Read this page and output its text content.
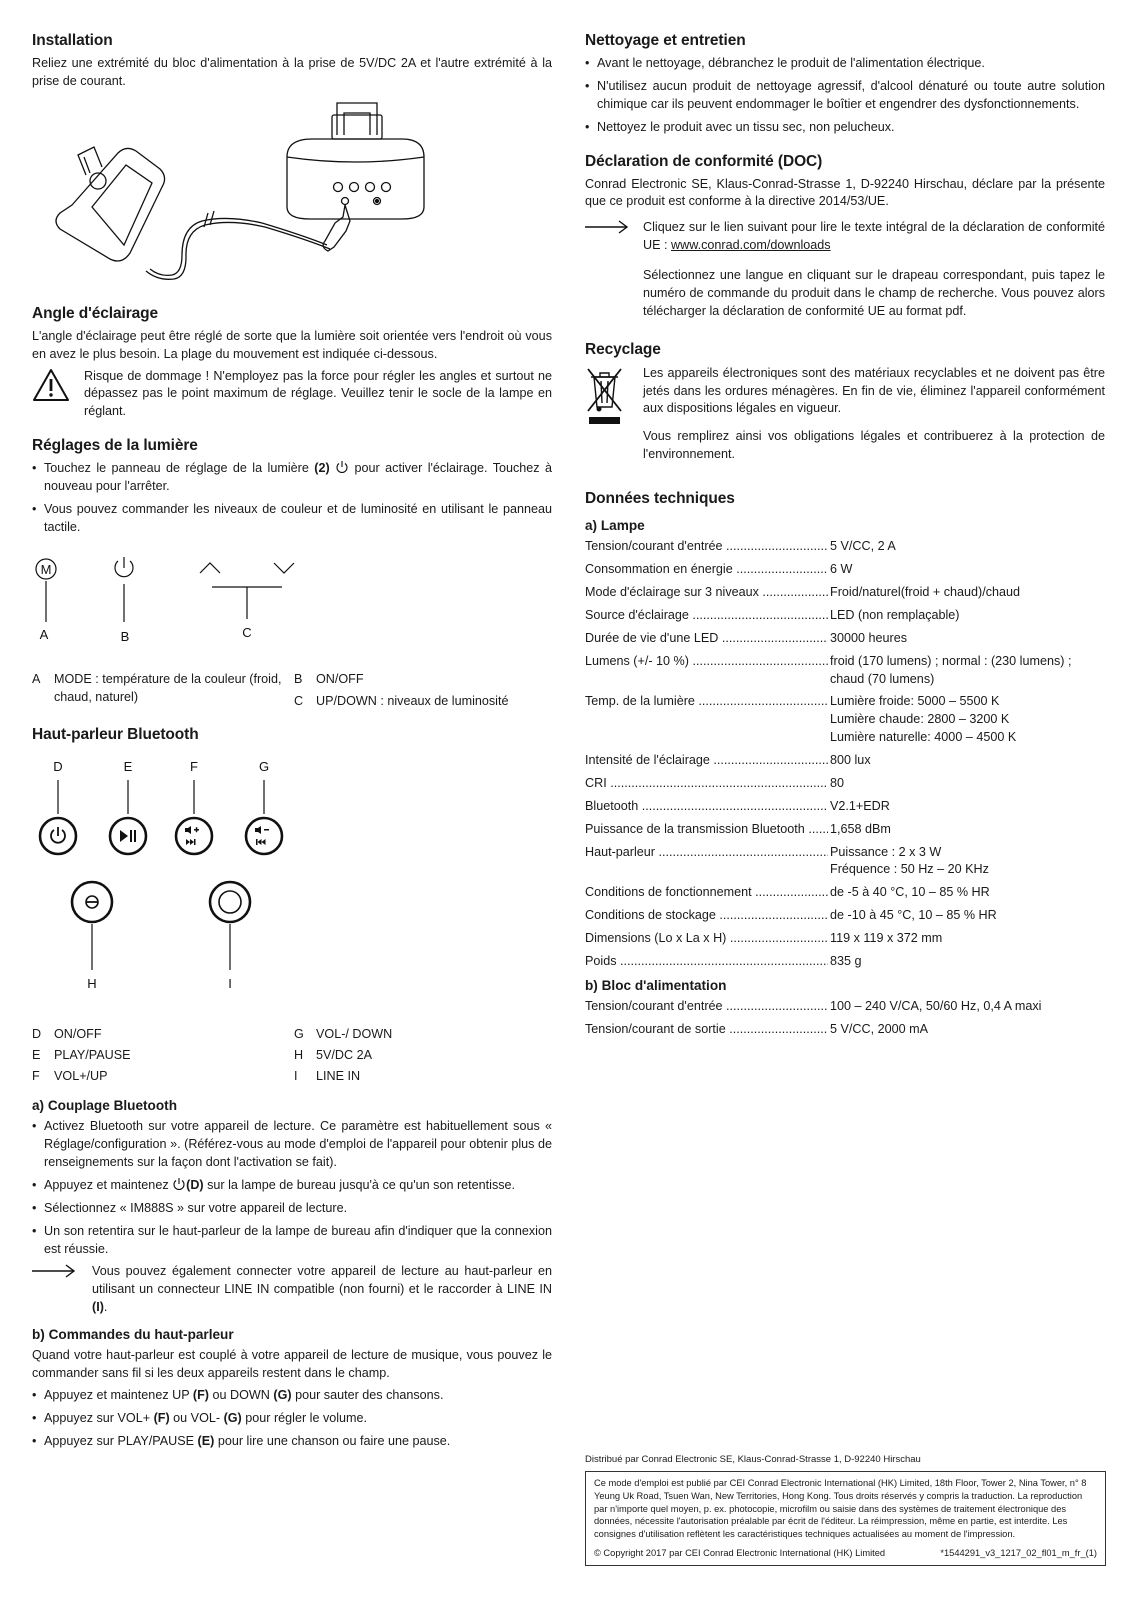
Installation

Reliez une extrémité du bloc d'alimentation à la prise de 5V/DC 2A et l'autre extrémité à la prise de courant.

Angle d'éclairage

L'angle d'éclairage peut être réglé de sorte que la lumière soit orientée vers l'endroit où vous en avez le plus besoin. La plage du mouvement est indiquée ci-dessous.

Risque de dommage ! N'employez pas la force pour régler les angles et surtout ne dépassez pas le point maximum de réglage. Veuillez tenir le socle de la lampe en réglant.
Réglages de la lumière
• Touchez le panneau de réglage de la lumière (2) pour activer l'éclairage. Touchez à nouveau pour l'arrêter.
• Vous pouvez commander les niveaux de couleur et de luminosité en utilisant le panneau tactile.
M
A	B	C
A	MODE : température de la couleur (froid, chaud, naturel)
B	ON/OFF
C	UP/DOWN : niveaux de luminosité
Haut-parleur Bluetooth
D	E	F	G
H	I
D	ON/OFF	G VOL-/ DOWN
E	PLAY/PAUSE	H	5V/DC 2A
F	VOL+/UP	I	LINE IN
a) Couplage Bluetooth
• Activez Bluetooth sur votre appareil de lecture. Ce paramètre est habituellement sous « Réglage/configuration ». (Référez-vous au mode d'emploi de l'appareil pour obtenir plus de renseignements sur la façon dont l'activation se fait).
• Appuyez et maintenez (D) sur la lampe de bureau jusqu'à ce qu'un son retentisse.
• Sélectionnez « IM888S » sur votre appareil de lecture.
• Un son retentira sur le haut-parleur de la lampe de bureau afin d'indiquer que la connexion est réussie.
Vous pouvez également connecter votre appareil de lecture au haut-parleur en utilisant un connecteur LINE IN compatible (non fourni) et le raccorder à LINE IN (I).
b) Commandes du haut-parleur

Quand votre haut-parleur est couplé à votre appareil de lecture de musique, vous pouvez le commander sans fil si les deux appareils restent dans le champ.

• Appuyez et maintenez UP (F) ou DOWN (G) pour sauter des chansons.
• Appuyez sur VOL+ (F) ou VOL- (G) pour régler le volume.
• Appuyez sur PLAY/PAUSE (E) pour lire une chanson ou faire une pause.
Nettoyage et entretien
• Avant le nettoyage, débranchez le produit de l'alimentation électrique.
• N'utilisez aucun produit de nettoyage agressif, d'alcool dénaturé ou toute autre solution chimique car ils peuvent endommager le boîtier et engendrer des dysfonctionnements.
• Nettoyez le produit avec un tissu sec, non pelucheux.
Déclaration de conformité (DOC)

Conrad Electronic SE, Klaus-Conrad-Strasse 1, D-92240 Hirschau, déclare par la présente que ce produit est conforme à la directive 2014/53/UE.

Cliquez sur le lien suivant pour lire le texte intégral de la déclaration de conformité UE : www.conrad.com/downloads

Sélectionnez une langue en cliquant sur le drapeau correspondant, puis tapez le numéro de commande du produit dans le champ de recherche. Vous pouvez alors télécharger la déclaration de conformité UE au format pdf.

Recyclage

Les appareils électroniques sont des matériaux recyclables et ne doivent pas être jetés dans les ordures ménagères. En fin de vie, éliminez l'appareil conformément aux dispositions légales en vigueur.

Vous remplirez ainsi vos obligations légales et contribuerez à la protection de l'environnement.

Données techniques
a) Lampe
Tension/courant d'entrée .....	5 V/CC, 2 A
Consommation en énergie .....	6 W
Mode d'éclairage sur 3 niveaux .....	Froid/naturel(froid + chaud)/chaud
Source d'éclairage .....	LED (non remplaçable)
Durée de vie d'une LED .....	30000 heures
Lumens (+/- 10 %) .....	froid (170 lumens) ; normal : (230 lumens) ;
chaud (70 lumens)
Temp. de la lumière .....	Lumière froide: 5000 – 5500 K
Lumière chaude: 2800 – 3200 K
Lumière naturelle: 4000 – 4500 K
Intensité de l'éclairage .....	800 lux
CRI .....	80
Bluetooth .....	V2.1+EDR
Puissance de la transmission Bluetooth .....	1,658 dBm
Haut-parleur .....	Puissance : 2 x 3 W
Fréquence : 50 Hz – 20 KHz
Conditions de fonctionnement .....	de -5 à 40 °C, 10 – 85 % HR
Conditions de stockage .....	de -10 à 45 °C, 10 – 85 % HR
Dimensions (Lo x La x H) .....	119 x 119 x 372 mm
Poids .....	835 g
b) Bloc d'alimentation
Tension/courant d'entrée .....	100 – 240 V/CA, 50/60 Hz, 0,4 A maxi
Tension/courant de sortie .....	5 V/CC, 2000 mA
Distribué par Conrad Electronic SE, Klaus-Conrad-Strasse 1, D-92240 Hirschau

Ce mode d'emploi est publié par CEI Conrad Electronic International (HK) Limited, 18th Floor, Tower 2, Nina Tower, n° 8 Yeung Uk Road, Tsuen Wan, New Territories, Hong Kong. Tous droits réservés y compris la traduction. La reproduction par n'importe quel moyen, p. ex. photocopie, microfilm ou saisie dans des systèmes de traitement électronique des données, nécessite l'autorisation préalable par écrit de l'éditeur. La réimpression, même en partie, est interdite. Les consignes d'utilisation reflètent les caractéristiques techniques actualisées au moment de l'impression.

© Copyright 2017 par CEI Conrad Electronic International (HK) Limited	*1544291_v3_1217_02_fl01_m_fr_(1)
